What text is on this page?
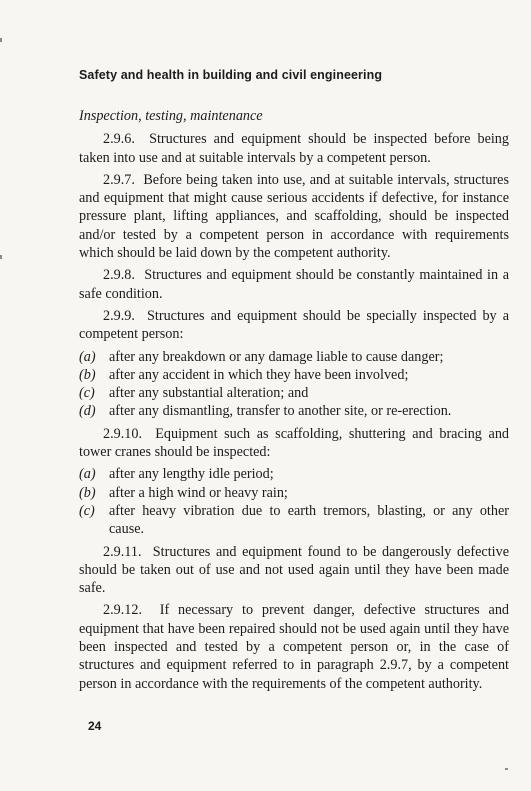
Safety and health in building and civil engineering
Inspection, testing, maintenance

2.9.6. Structures and equipment should be inspected before being taken into use and at suitable intervals by a competent person.

2.9.7. Before being taken into use, and at suitable intervals, structures and equipment that might cause serious accidents if defective, for instance pressure plant, lifting appliances, and scaffolding, should be inspected and/or tested by a competent person in accordance with requirements which should be laid down by the competent authority.

2.9.8. Structures and equipment should be constantly maintained in a safe condition.

2.9.9. Structures and equipment should be specially inspected by a competent person:

(a) after any breakdown or any damage liable to cause danger;
(b) after any accident in which they have been involved;
(c) after any substantial alteration; and
(d) after any dismantling, transfer to another site, or re-erection.

2.9.10. Equipment such as scaffolding, shuttering and bracing and tower cranes should be inspected:

(a) after any lengthy idle period;
(b) after a high wind or heavy rain;
(c) after heavy vibration due to earth tremors, blasting, or any other cause.

2.9.11. Structures and equipment found to be dangerously defective should be taken out of use and not used again until they have been made safe.

2.9.12. If necessary to prevent danger, defective structures and equipment that have been repaired should not be used again until they have been inspected and tested by a competent person or, in the case of structures and equipment referred to in paragraph 2.9.7, by a competent person in accordance with the requirements of the competent authority.

24
